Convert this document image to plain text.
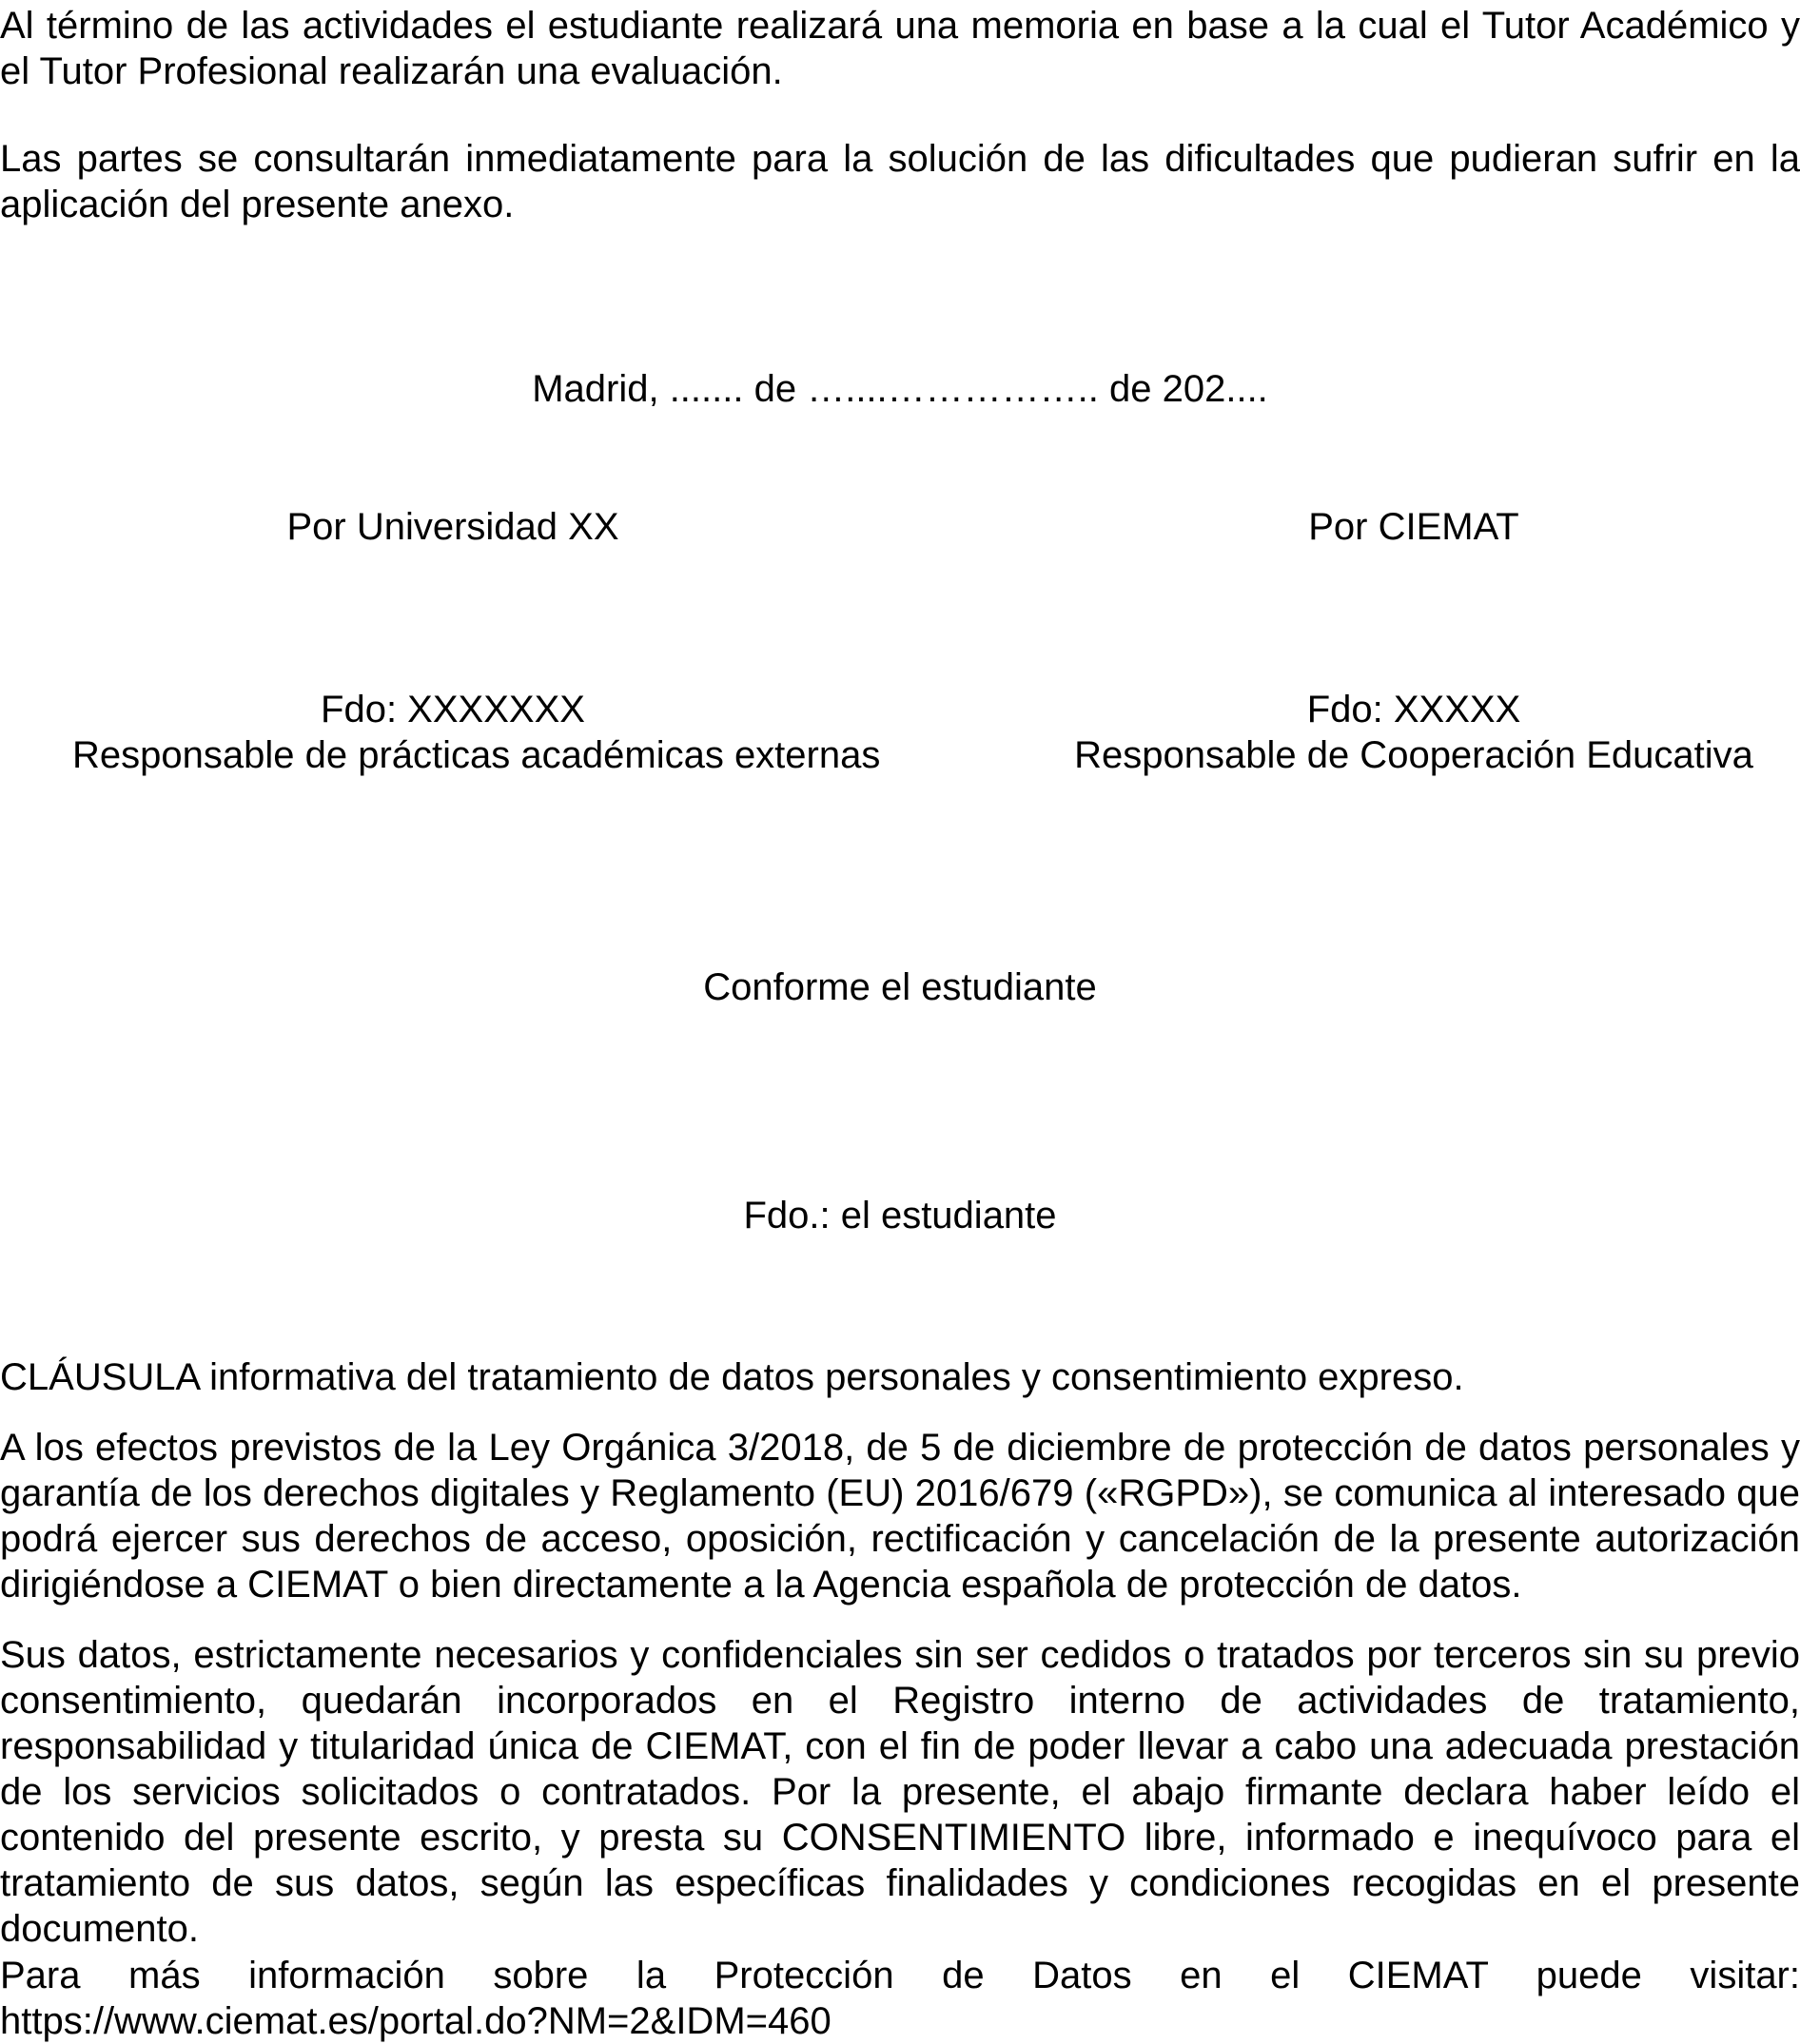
Al término de las actividades el estudiante realizará una memoria en base a la cual el Tutor Académico y el Tutor Profesional realizarán una evaluación.

Las partes se consultarán inmediatamente para la solución de las dificultades que pudieran sufrir en la aplicación del presente anexo.

Madrid, ....... de …....…………….. de 202....

Por Universidad XX	Por CIEMAT

Fdo: XXXXXXX

Responsable de prácticas académicas externas

Fdo: XXXXX

Responsable de Cooperación Educativa

Conforme el estudiante

Fdo.: el estudiante

CLÁUSULA informativa del tratamiento de datos personales y consentimiento expreso.

A los efectos previstos de la Ley Orgánica 3/2018, de 5 de diciembre de protección de datos personales y garantía de los derechos digitales y Reglamento (EU) 2016/679 («RGPD»), se comunica al interesado que podrá ejercer sus derechos de acceso, oposición, rectificación y cancelación de la presente autorización dirigiéndose a CIEMAT o bien directamente a la Agencia española de protección de datos.

Sus datos, estrictamente necesarios y confidenciales sin ser cedidos o tratados por terceros sin su previo consentimiento, quedarán incorporados en el Registro interno de actividades de tratamiento, responsabilidad y titularidad única de CIEMAT, con el fin de poder llevar a cabo una adecuada prestación de los servicios solicitados o contratados. Por la presente, el abajo firmante declara haber leído el contenido del presente escrito, y presta su CONSENTIMIENTO libre, informado e inequívoco para el tratamiento de sus datos, según las específicas finalidades y condiciones recogidas en el presente documento.

Para más información sobre la Protección de Datos en el CIEMAT puede visitar:

https://www.ciemat.es/portal.do?NM=2&IDM=460
